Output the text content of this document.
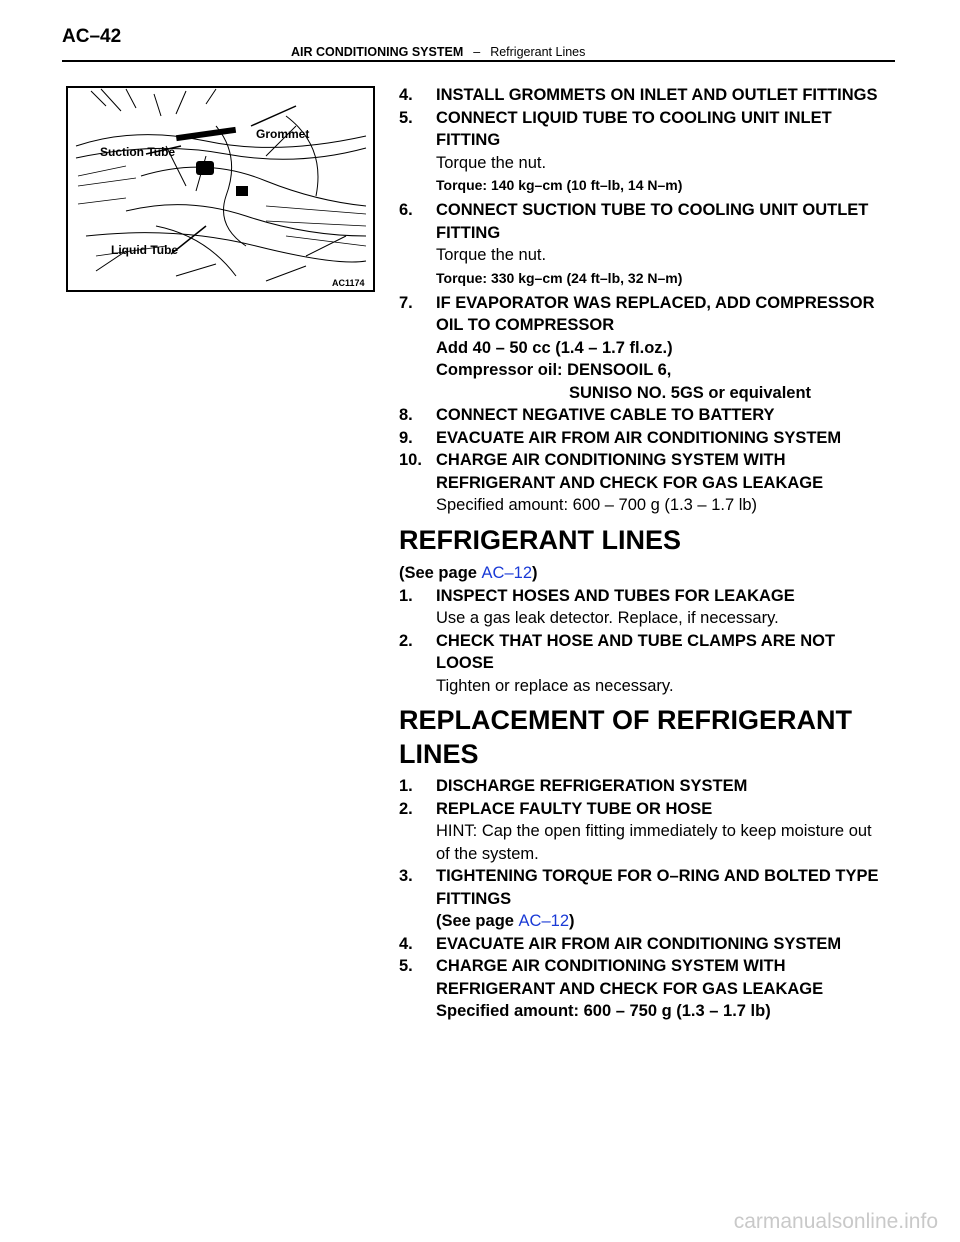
AC–42
AIR CONDITIONING SYSTEM – Refrigerant Lines
Suction Tube
Grommet
Liquid Tube
AC1174
4.	INSTALL GROMMETS ON INLET AND OUTLET FITTINGS
5.	CONNECT LIQUID TUBE TO COOLING UNIT INLET FITTING
Torque the nut.
Torque: 140 kg–cm (10 ft–lb, 14 N–m)
6.	CONNECT SUCTION TUBE TO COOLING UNIT OUTLET FITTING
Torque the nut.
Torque: 330 kg–cm (24 ft–lb, 32 N–m)
7.	IF EVAPORATOR WAS REPLACED, ADD COMPRESSOR OIL TO COMPRESSOR
Add 40 – 50 cc (1.4 – 1.7 fl.oz.)
Compressor oil: DENSOOIL 6,
SUNISO NO. 5GS or equivalent
8.	CONNECT NEGATIVE CABLE TO BATTERY
9.	EVACUATE AIR FROM AIR CONDITIONING SYSTEM
10. CHARGE AIR CONDITIONING SYSTEM WITH REFRIGERANT AND CHECK FOR GAS LEAKAGE
Specified amount: 600 – 700 g (1.3 – 1.7 lb)
REFRIGERANT LINES
(See page AC–12)
1.	INSPECT HOSES AND TUBES FOR LEAKAGE
Use a gas leak detector. Replace, if necessary.
2.	CHECK THAT HOSE AND TUBE CLAMPS ARE NOT LOOSE
Tighten or replace as necessary.
REPLACEMENT OF REFRIGERANT LINES
1.	DISCHARGE REFRIGERATION SYSTEM
2.	REPLACE FAULTY TUBE OR HOSE
HINT: Cap the open fitting immediately to keep moisture out of the system.
3.	TIGHTENING TORQUE FOR O–RING AND BOLTED TYPE FITTINGS
(See page AC–12)
4.	EVACUATE AIR FROM AIR CONDITIONING SYSTEM
5.	CHARGE AIR CONDITIONING SYSTEM WITH REFRIGERANT AND CHECK FOR GAS LEAKAGE
Specified amount: 600 – 750 g (1.3 – 1.7 lb)
carmanualsonline.info
